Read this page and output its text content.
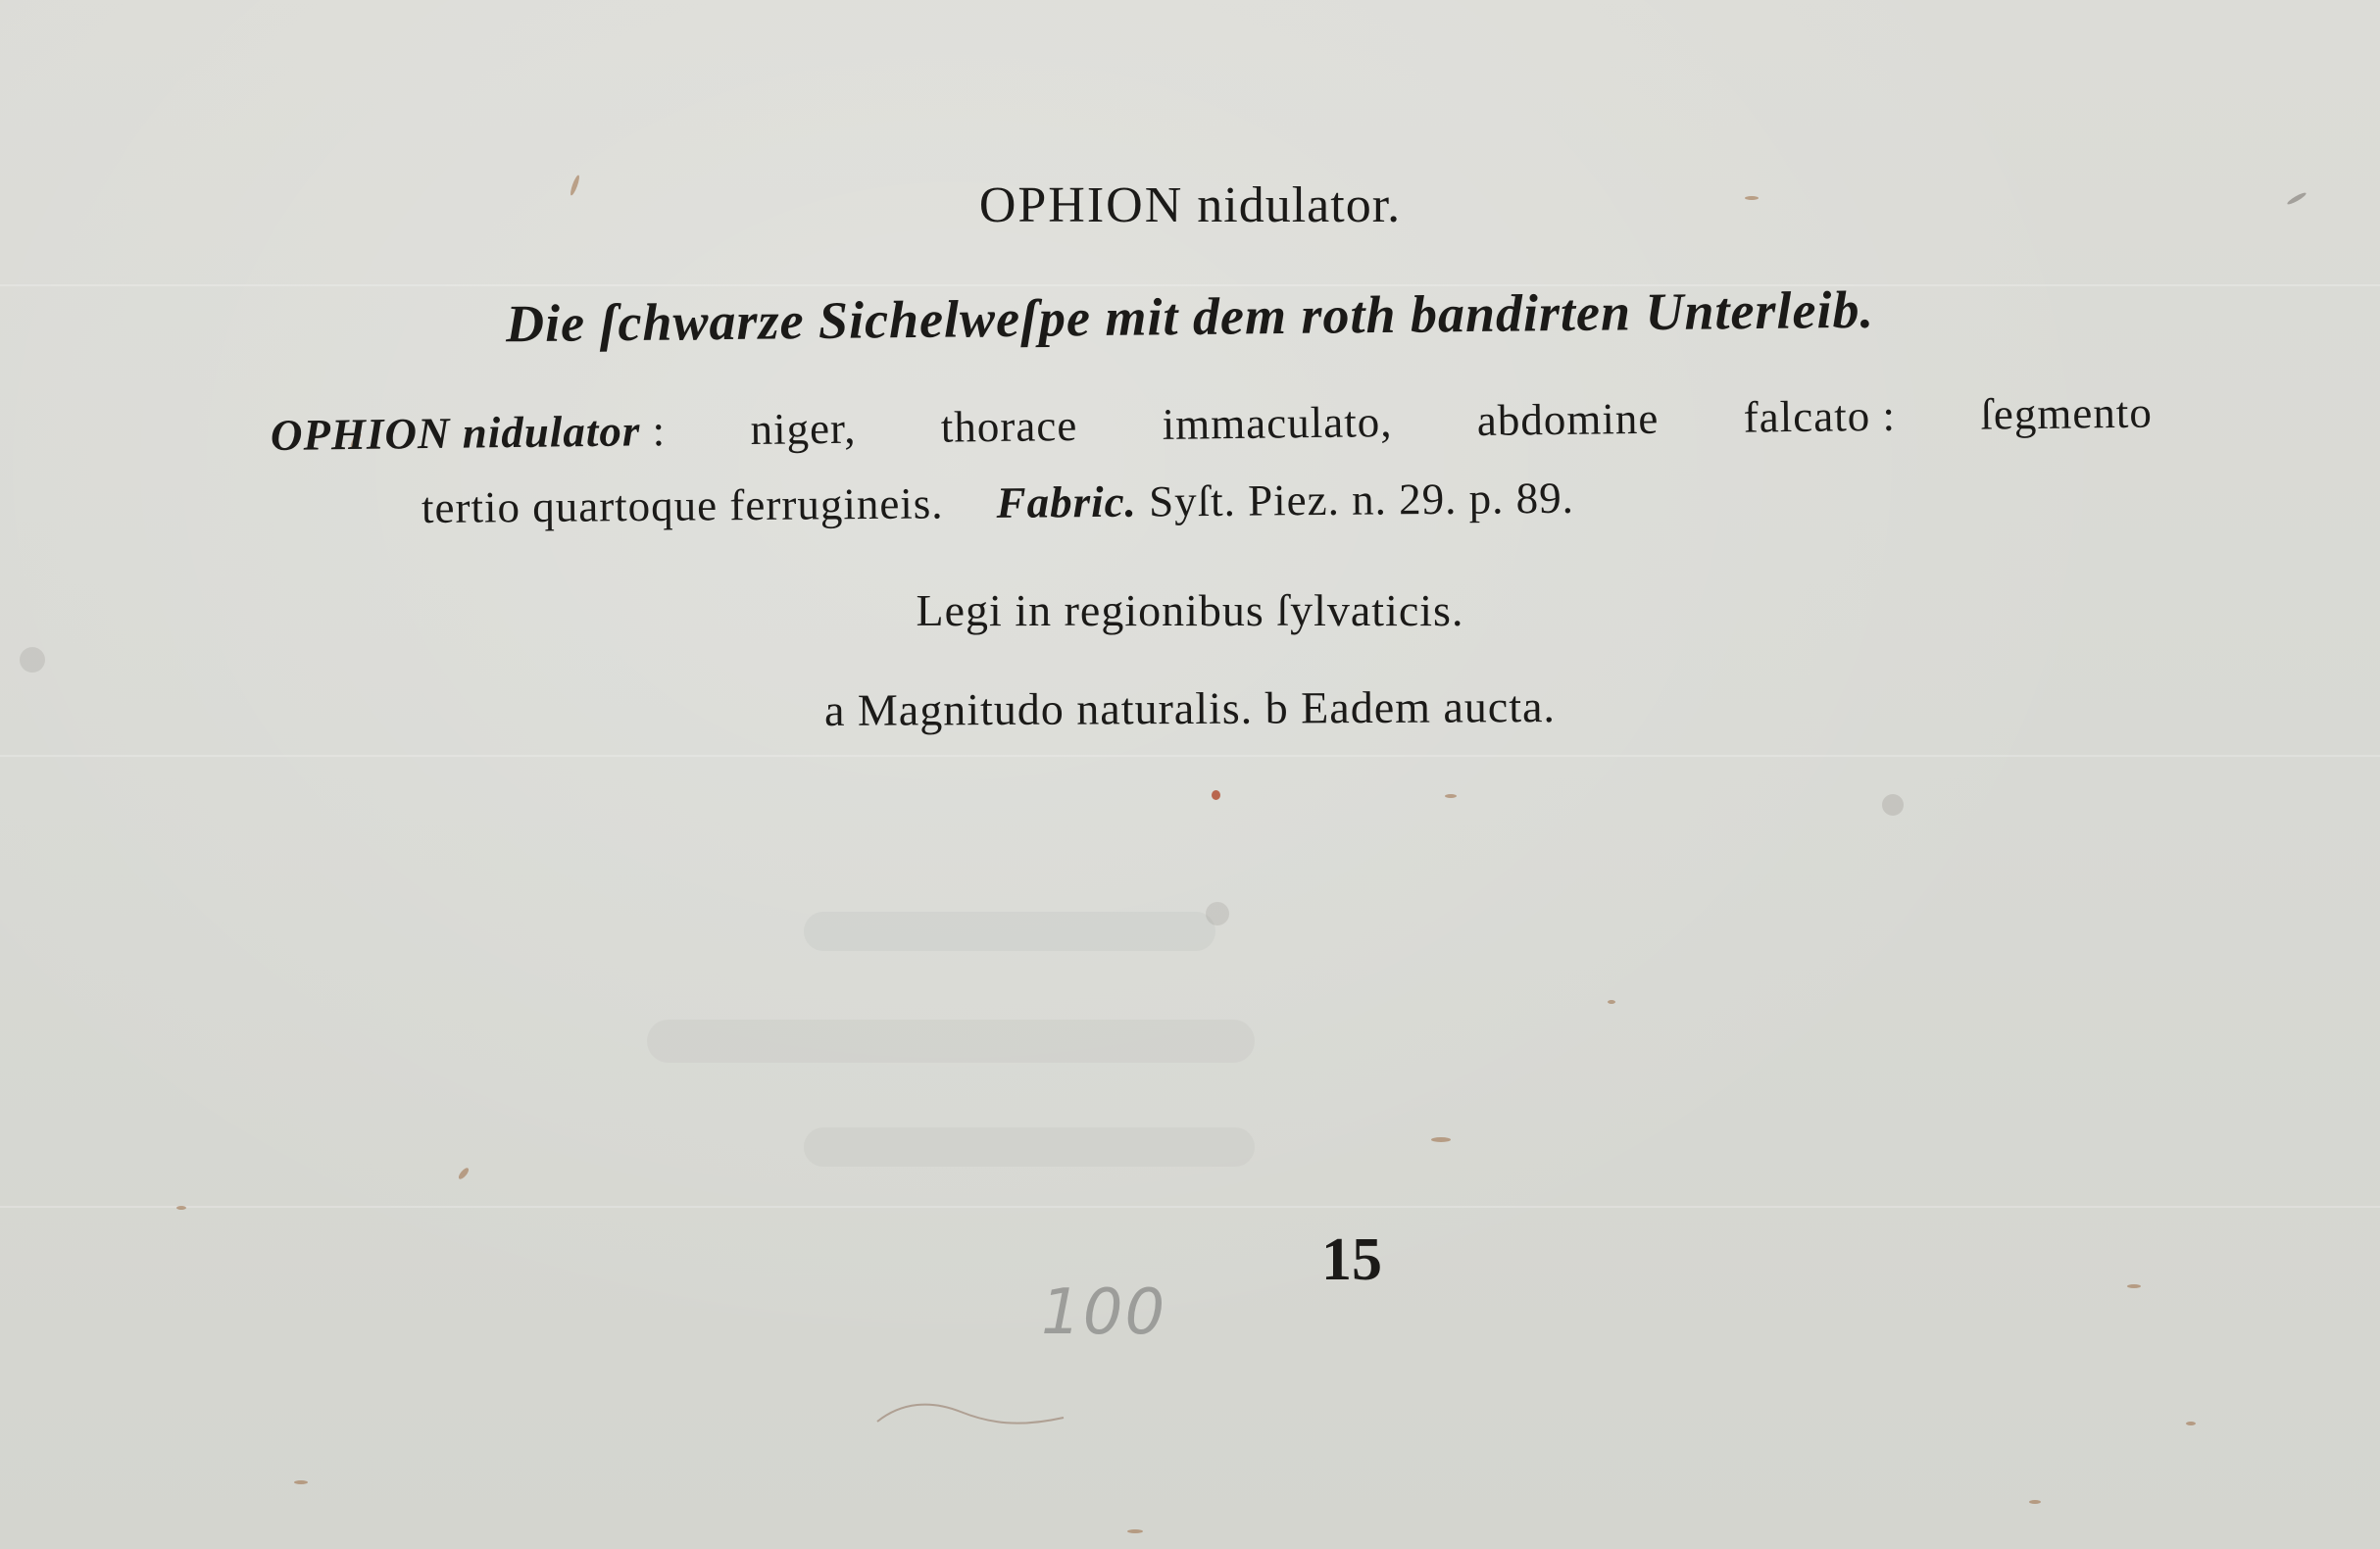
OPHION nidulator.
Die ſchwarze Sichelweſpe mit dem roth bandirten Unterleib.
OPHION nidulator : niger, thorace immaculato, abdomine falcato : ſegmento
tertio quartoque ferrugineis. Fabric. Syſt. Piez. n. 29. p. 89.
Legi in regionibus ſylvaticis.
a Magnitudo naturalis. b Eadem aucta.
15
100
